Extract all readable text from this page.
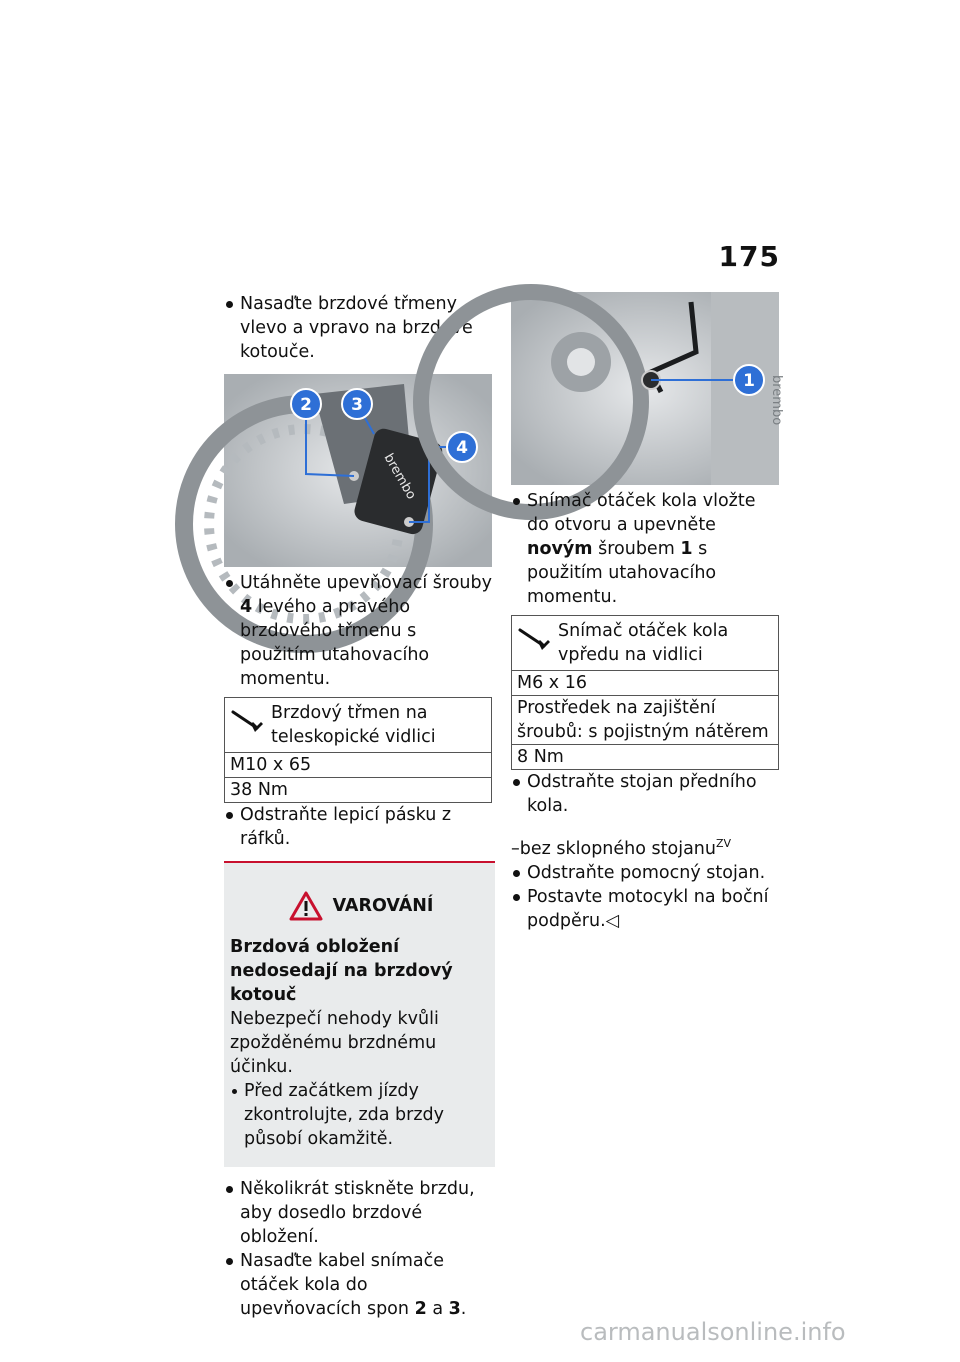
175

Nasaďte brzdové třmeny vlevo a vpravo na brzdové kotouče.

brembo
2 3
4

Utáhněte upevňovací šrouby 4 levého a pravého brzdového třmenu s použitím utahovacího momentu.

Brzdový třmen na teleskopické vidlici
M10 x 65
38 Nm

Odstraňte lepicí pásku z ráfků.

VAROVÁNÍ
Brzdová obložení nedosedají na brzdový kotouč
Nebezpečí nehody kvůli zpožděnému brzdnému účinku.
Před začátkem jízdy zkontrolujte, zda brzdy působí okamžitě.

Několikrát stiskněte brzdu, aby dosedlo brzdové obložení.

Nasaďte kabel snímače otáček kola do upevňovacích spon 2 a 3.

brembo
1

Snímač otáček kola vložte do otvoru a upevněte novým šroubem 1 s použitím utahovacího momentu.

Snímač otáček kola vpředu na vidlici
M6 x 16
Prostředek na zajištění šroubů: s pojistným nátěrem
8 Nm

Odstraňte stojan předního kola.

–bez sklopného stojanu$^{ZV}$

Odstraňte pomocný stojan.

Postavte motocykl na boční podpěru.◁

carmanualsonline.info
